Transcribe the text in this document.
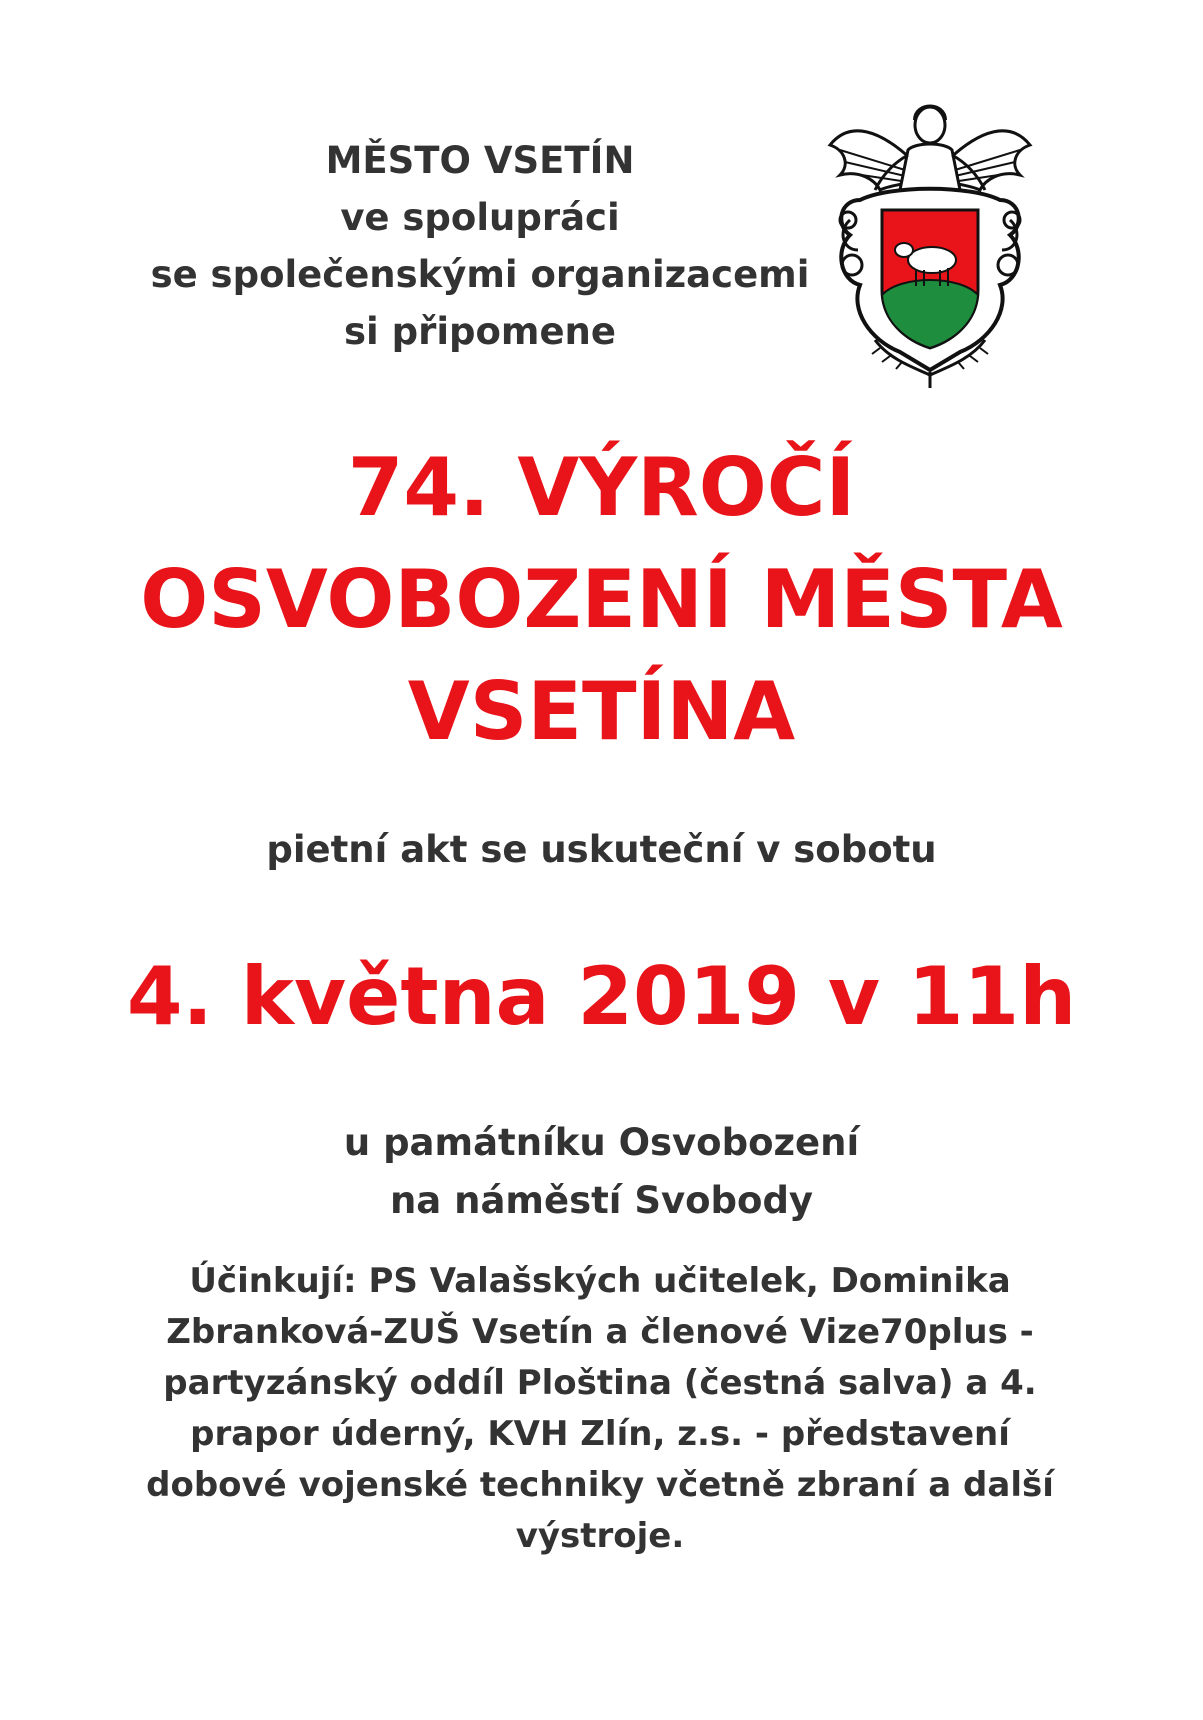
MĚSTO VSETÍN
ve spolupráci
se společenskými organizacemi
si připomene
74. VÝROČÍ
OSVOBOZENÍ MĚSTA
VSETÍNA
pietní akt se uskuteční v sobotu
4. května 2019 v 11h
u památníku Osvobození
na náměstí Svobody
Účinkují: PS Valašských učitelek, Dominika
Zbranková-ZUŠ Vsetín a členové Vize70plus -
partyzánský oddíl Ploština (čestná salva) a 4.
prapor úderný, KVH Zlín, z.s. - představení
dobové vojenské techniky včetně zbraní a další
výstroje.
